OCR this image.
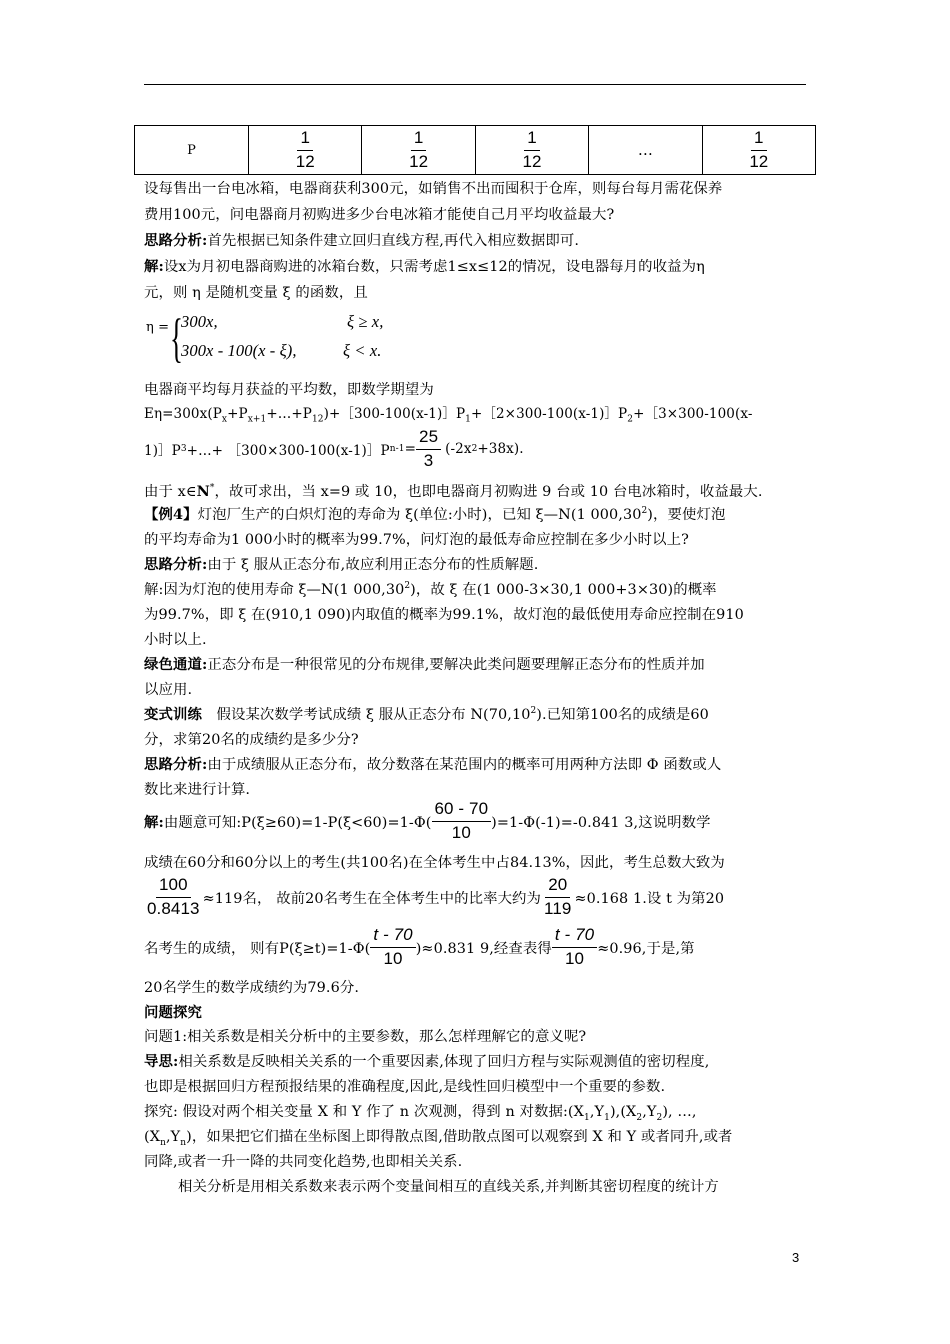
P	$\frac{1}{12}$	$\frac{1}{12}$	$\frac{1}{12}$	…	$\frac{1}{12}$
设每售出一台电冰箱，电器商获利300元，如销售不出而囤积于仓库，则每台每月需花保养
费用100元，问电器商月初购进多少台电冰箱才能使自己月平均收益最大?
思路分析:首先根据已知条件建立回归直线方程,再代入相应数据即可.
解:设x为月初电器商购进的冰箱台数，只需考虑1≤x≤12的情况，设电器每月的收益为η
元，则 η 是随机变量 ξ 的函数，且
η = {
300x,	ξ ≥ x,
300x - 100(x - ξ),	ξ < x.
电器商平均每月获益的平均数，即数学期望为
$E\eta=300x(P_x+P_{x+1}+\dots+P_{12})+[300-100(x-1)]P_1+[2\times 300-100(x-1)]P_2+[3\times 300-100(x-$
1)］P 3 +…+ ［300×300-100(x-1)］P $n-1 = \frac{25}{3} (-2x$ 2 +38x).
由于 x∈N*，故可求出，当 x=9 或 10，也即电器商月初购进 9 台或 10 台电冰箱时，收益最大.
【例4】灯泡厂生产的白炽灯泡的寿命为 ξ(单位:小时)，已知 ξ—N(1 000,30$^2$)，要使灯泡
的平均寿命为1 000小时的概率为99.7%，问灯泡的最低寿命应控制在多少小时以上?
思路分析:由于 ξ 服从正态分布,故应利用正态分布的性质解题.
解:因为灯泡的使用寿命 ξ—N(1 000,30$^2$)，故 ξ 在(1 000-3×30,1 000+3×30)的概率
为99.7%，即 ξ 在(910,1 090)内取值的概率为99.1%，故灯泡的最低使用寿命应控制在910
小时以上.
绿色通道:正态分布是一种很常见的分布规律,要解决此类问题要理解正态分布的性质并加
以应用.
变式训练　假设某次数学考试成绩 ξ 服从正态分布 N(70,10$^2$).已知第100名的成绩是60
分，求第20名的成绩约是多少分?
思路分析:由于成绩服从正态分布，故分数落在某范围内的概率可用两种方法即 Φ 函数或人
数比来进行计算.
解: 由题意可知:P(ξ≥60)=1-P(ξ<60)=1-Φ( $\frac{60 - 70}{10} )=1-\Phi(-1)=-0.841$ 3,这说明数学
成绩在60分和60分以上的考生(共100名)在全体考生中占84.13%，因此，考生总数大致为
$\frac{100}{0.8413} \approx 119$名， 故前20名考生在全体考生中的比率大约为 $\frac{20}{119} \approx 0.168$ 1.设 t 为第20
名考生的成绩， 则有$P(\xi\ge t)=1-\Phi( \frac{t - 70}{10} )\approx 0.831$ 9,经查表得 $\frac{t - 70}{10} \approx 0.96$,于是,第
20名学生的数学成绩约为79.6分.
问题探究
问题1:相关系数是相关分析中的主要参数，那么怎样理解它的意义呢?
导思:相关系数是反映相关关系的一个重要因素,体现了回归方程与实际观测值的密切程度,
也即是根据回归方程预报结果的准确程度,因此,是线性回归模型中一个重要的参数.
探究: 假设对两个相关变量 X 和 Y 作了 n 次观测，得到 n 对数据$:(X_1,Y_1),(X_2,Y_2)$, …,
$(X_n,Y_n)$，如果把它们描在坐标图上即得散点图,借助散点图可以观察到 X 和 Y 或者同升,或者
同降,或者一升一降的共同变化趋势,也即相关关系.
相关分析是用相关系数来表示两个变量间相互的直线关系,并判断其密切程度的统计方
3
